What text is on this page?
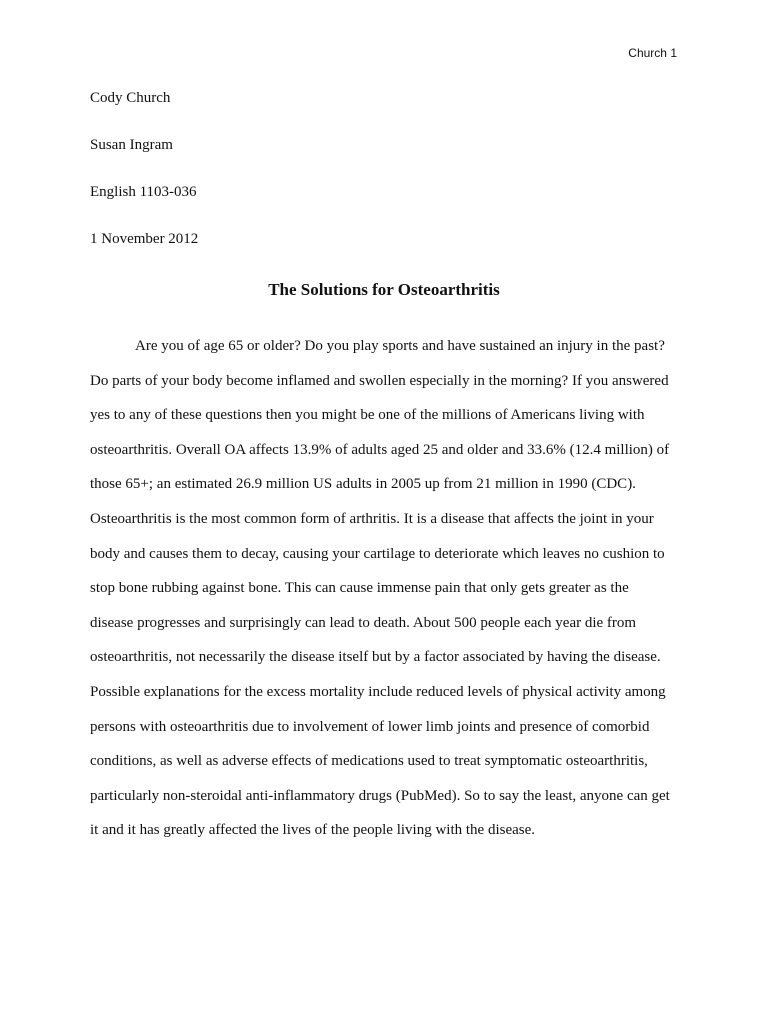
Church 1
Cody Church
Susan Ingram
English 1103-036
1 November 2012
The Solutions for Osteoarthritis
Are you of age 65 or older? Do you play sports and have sustained an injury in the past?
Do parts of your body become inflamed and swollen especially in the morning? If you answered
yes to any of these questions then you might be one of the millions of Americans living with
osteoarthritis. Overall OA affects 13.9% of adults aged 25 and older and 33.6% (12.4 million) of
those 65+; an estimated 26.9 million US adults in 2005 up from 21 million in 1990 (CDC).
Osteoarthritis is the most common form of arthritis. It is a disease that affects the joint in your
body and causes them to decay, causing your cartilage to deteriorate which leaves no cushion to
stop bone rubbing against bone. This can cause immense pain that only gets greater as the
disease progresses and surprisingly can lead to death. About 500 people each year die from
osteoarthritis, not necessarily the disease itself but by a factor associated by having the disease.
Possible explanations for the excess mortality include reduced levels of physical activity among
persons with osteoarthritis due to involvement of lower limb joints and presence of comorbid
conditions, as well as adverse effects of medications used to treat symptomatic osteoarthritis,
particularly non-steroidal anti-inflammatory drugs (PubMed). So to say the least, anyone can get
it and it has greatly affected the lives of the people living with the disease.
